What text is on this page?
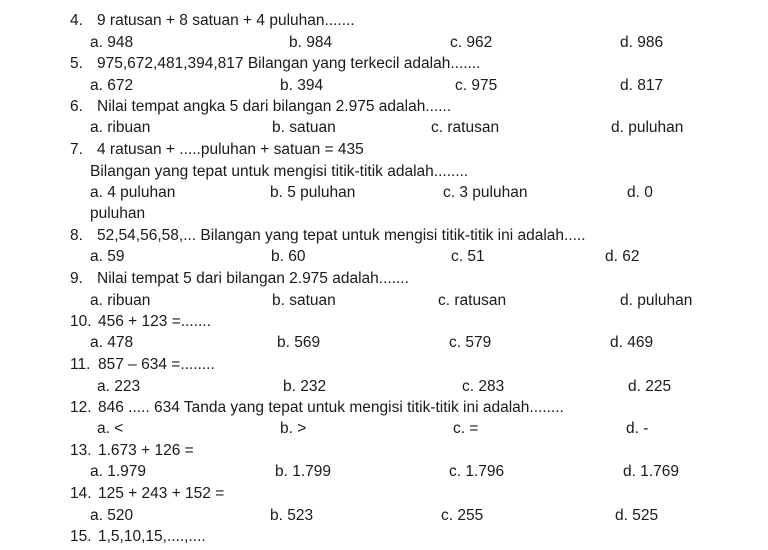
4. 9 ratusan + 8 satuan + 4 puluhan.......
a. 948	b. 984	c. 962	d. 986
5. 975,672,481,394,817 Bilangan yang terkecil adalah.......
a. 672	b. 394	c. 975	d. 817
6. Nilai tempat angka 5 dari bilangan 2.975 adalah......
a. ribuan	b. satuan	c. ratusan	d. puluhan
7. 4 ratusan + .....puluhan + satuan = 435
Bilangan yang tepat untuk mengisi titik-titik adalah........
a. 4 puluhan	b. 5 puluhan	c. 3 puluhan	d. 0
puluhan
8. 52,54,56,58,... Bilangan yang tepat untuk mengisi titik-titik ini adalah.....
a. 59	b. 60	c. 51	d. 62
9. Nilai tempat 5 dari bilangan 2.975 adalah.......
a. ribuan	b. satuan	c. ratusan	d. puluhan
10. 456 + 123 =.......
a. 478	b. 569	c. 579	d. 469
11. 857 – 634 =........
a. 223	b. 232	c. 283	d. 225
12. 846 ..... 634 Tanda yang tepat untuk mengisi titik-titik ini adalah........
a. <	b. >	c. =	d. -
13. 1.673 + 126 =
a. 1.979	b. 1.799	c. 1.796	d. 1.769
14. 125 + 243 + 152 =
a. 520	b. 523	c. 255	d. 525
15. 1,5,10,15,....,....
